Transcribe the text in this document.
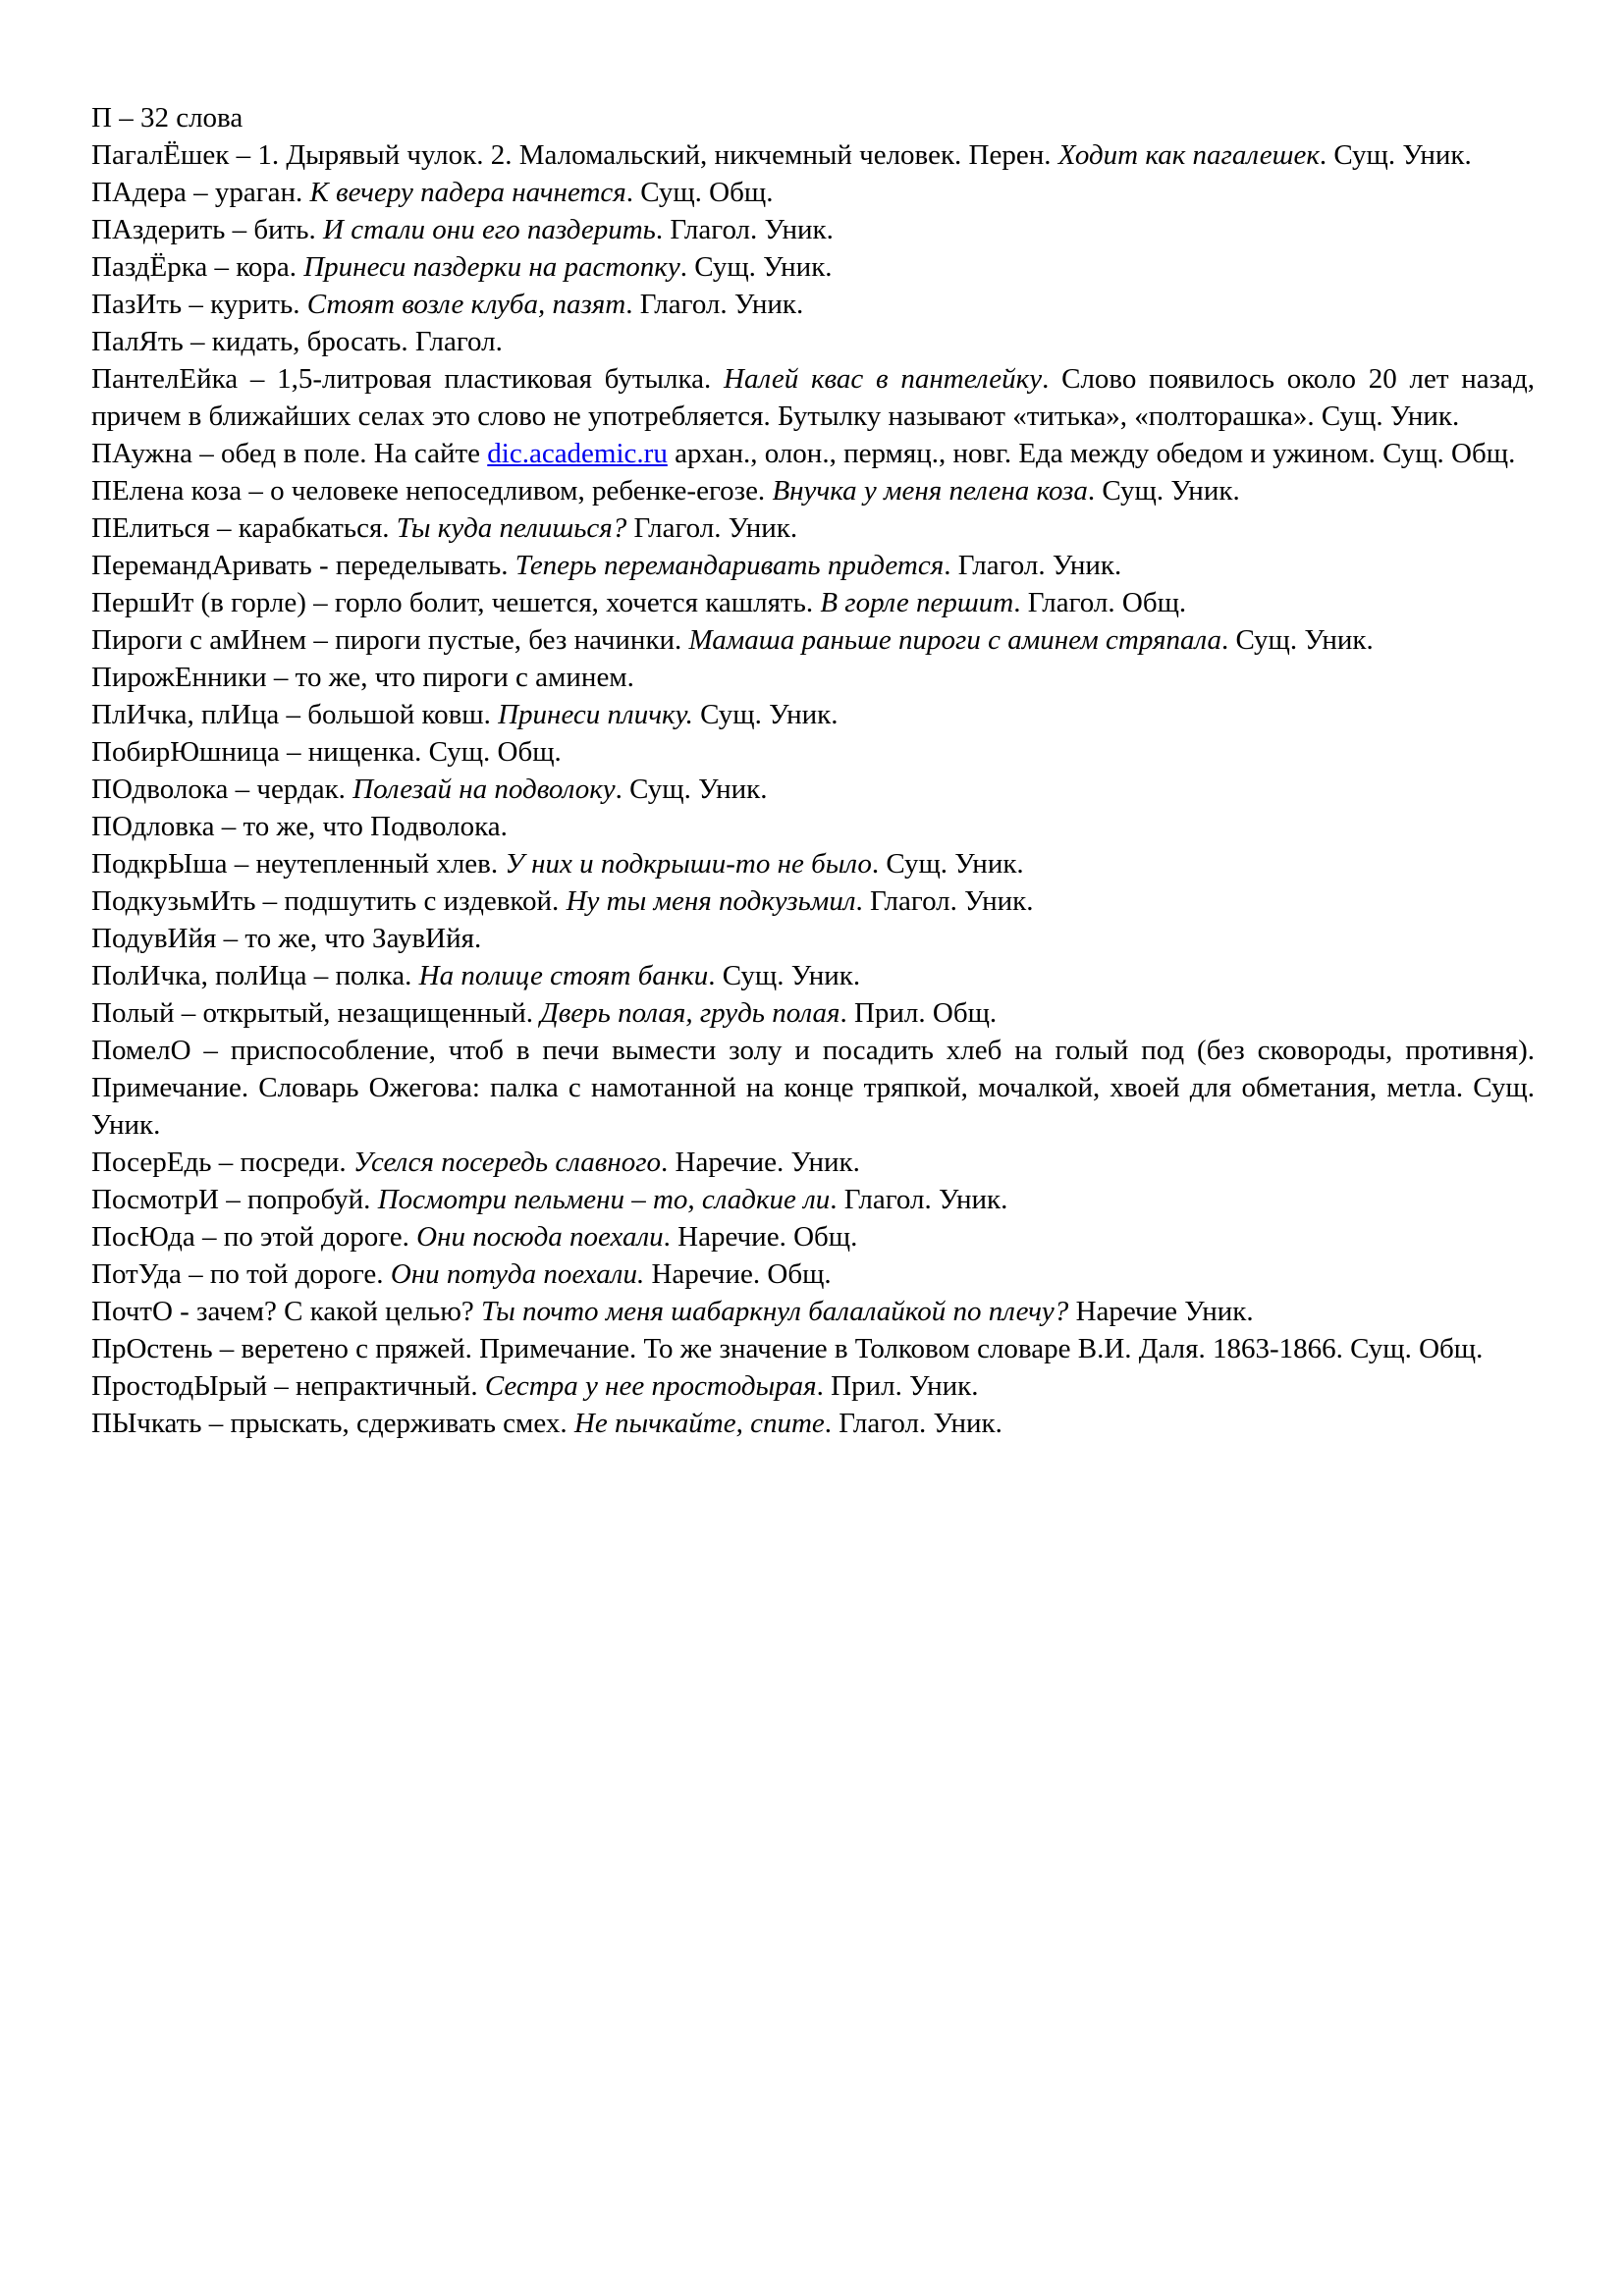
П – 32 слова

ПагалЁшек – 1. Дырявый чулок. 2. Маломальский, никчемный человек. Перен. Ходит как пагалешек. Сущ. Уник.

ПАдера – ураган. К вечеру падера начнется. Сущ. Общ.

ПАздерить – бить. И стали они его паздерить. Глагол. Уник.

ПаздЁрка – кора. Принеси паздерки на растопку. Сущ. Уник.

ПазИть – курить. Стоят возле клуба, пазят. Глагол. Уник.

ПалЯть – кидать, бросать. Глагол.

ПантелЕйка – 1,5-литровая пластиковая бутылка. Налей квас в пантелейку. Слово появилось около 20 лет назад, причем в ближайших селах это слово не употребляется. Бутылку называют «титька», «полторашка». Сущ. Уник.

ПАужна – обед в поле. На сайте dic.academic.ru архан., олон., пермяц., новг. Еда между обедом и ужином. Сущ. Общ.

ПЕлена коза – о человеке непоседливом, ребенке-егозе. Внучка у меня пелена коза. Сущ. Уник.

ПЕлиться – карабкаться. Ты куда пелишься? Глагол. Уник.

ПеремандАривать - переделывать. Теперь перемандаривать придется. Глагол. Уник.

ПершИт (в горле) – горло болит, чешется, хочется кашлять. В горле першит. Глагол. Общ.

Пироги с амИнем – пироги пустые, без начинки. Мамаша раньше пироги с аминем стряпала. Сущ. Уник.

ПирожЕнники – то же, что пироги с аминем.

ПлИчка, плИца – большой ковш. Принеси пличку. Сущ. Уник.

ПобирЮшница – нищенка. Сущ. Общ.

ПОдволока – чердак. Полезай на подволоку. Сущ. Уник.

ПОдловка – то же, что Подволока.

ПодкрЫша – неутепленный хлев. У них и подкрыши-то не было. Сущ. Уник.

ПодкузьмИть – подшутить с издевкой. Ну ты меня подкузьмил. Глагол. Уник.

ПодувИйя – то же, что ЗаувИйя.

ПолИчка, полИца – полка. На полице стоят банки. Сущ. Уник.

Полый – открытый, незащищенный. Дверь полая, грудь полая. Прил. Общ.

ПомелО – приспособление, чтоб в печи вымести золу и посадить хлеб на голый под (без сковороды, противня). Примечание. Словарь Ожегова: палка с намотанной на конце тряпкой, мочалкой, хвоей для обметания, метла. Сущ. Уник.

ПосерЕдь – посреди. Уселся посередь славного. Наречие. Уник.

ПосмотрИ – попробуй. Посмотри пельмени – то, сладкие ли. Глагол. Уник.

ПосЮда – по этой дороге. Они посюда поехали. Наречие. Общ.

ПотУда – по той дороге. Они потуда поехали. Наречие. Общ.

ПочтО - зачем? С какой целью? Ты почто меня шабаркнул балалайкой по плечу? Наречие Уник.

ПрОстень – веретено с пряжей. Примечание. То же значение в Толковом словаре В.И. Даля. 1863-1866. Сущ. Общ.

ПростодЫрый – непрактичный. Сестра у нее простодырая. Прил. Уник.

ПЫчкать – прыскать, сдерживать смех. Не пычкайте, спите. Глагол. Уник.
